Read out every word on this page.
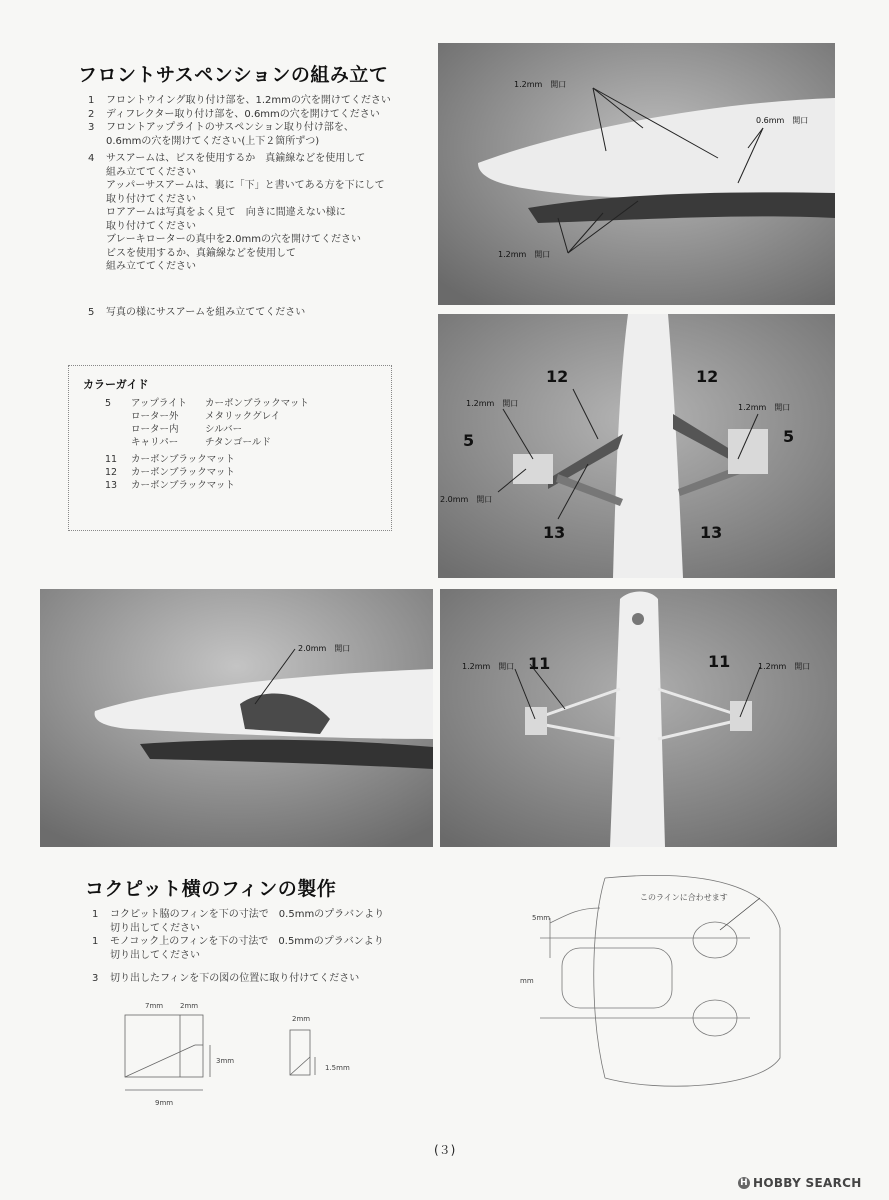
フロントサスペンションの組み立て
1	フロントウイング取り付け部を、1.2mmの穴を開けてください
2	ディフレクター取り付け部を、0.6mmの穴を開けてください
3	フロントアップライトのサスペンション取り付け部を、
0.6mmの穴を開けてください(上下２箇所ずつ)
4	サスアームは、ビスを使用するか　真鍮線などを使用して
組み立ててください
アッパーサスアームは、裏に「下」と書いてある方を下にして
取り付けてください
ロアアームは写真をよく見て　向きに間違えない様に
取り付けてください
ブレーキローターの真中を2.0mmの穴を開けてください
ビスを使用するか、真鍮線などを使用して
組み立ててください
5	写真の様にサスアームを組み立ててください
カラーガイド
5	アップライト	カーボンブラックマット
ローター外	メタリックグレイ
ローター内	シルバー
キャリパー	チタンゴールド
11	カーボンブラックマット
12	カーボンブラックマット
13	カーボンブラックマット
1.2mm　開口
0.6mm　開口
1.2mm　開口
12	12
5	5
13	13
1.2mm　開口	1.2mm　開口
2.0mm　開口
2.0mm　開口
11	11
1.2mm　開口	1.2mm　開口
コクピット横のフィンの製作
1	コクピット脇のフィンを下の寸法で　0.5mmのプラバンより
切り出してください
1	モノコック上のフィンを下の寸法で　0.5mmのプラバンより
切り出してください
3	切り出したフィンを下の図の位置に取り付けてください
7mm 2mm
3mm
9mm
2mm
1.5mm
このラインに合わせます
5mm
mm
(３)
H HOBBY SEARCH
